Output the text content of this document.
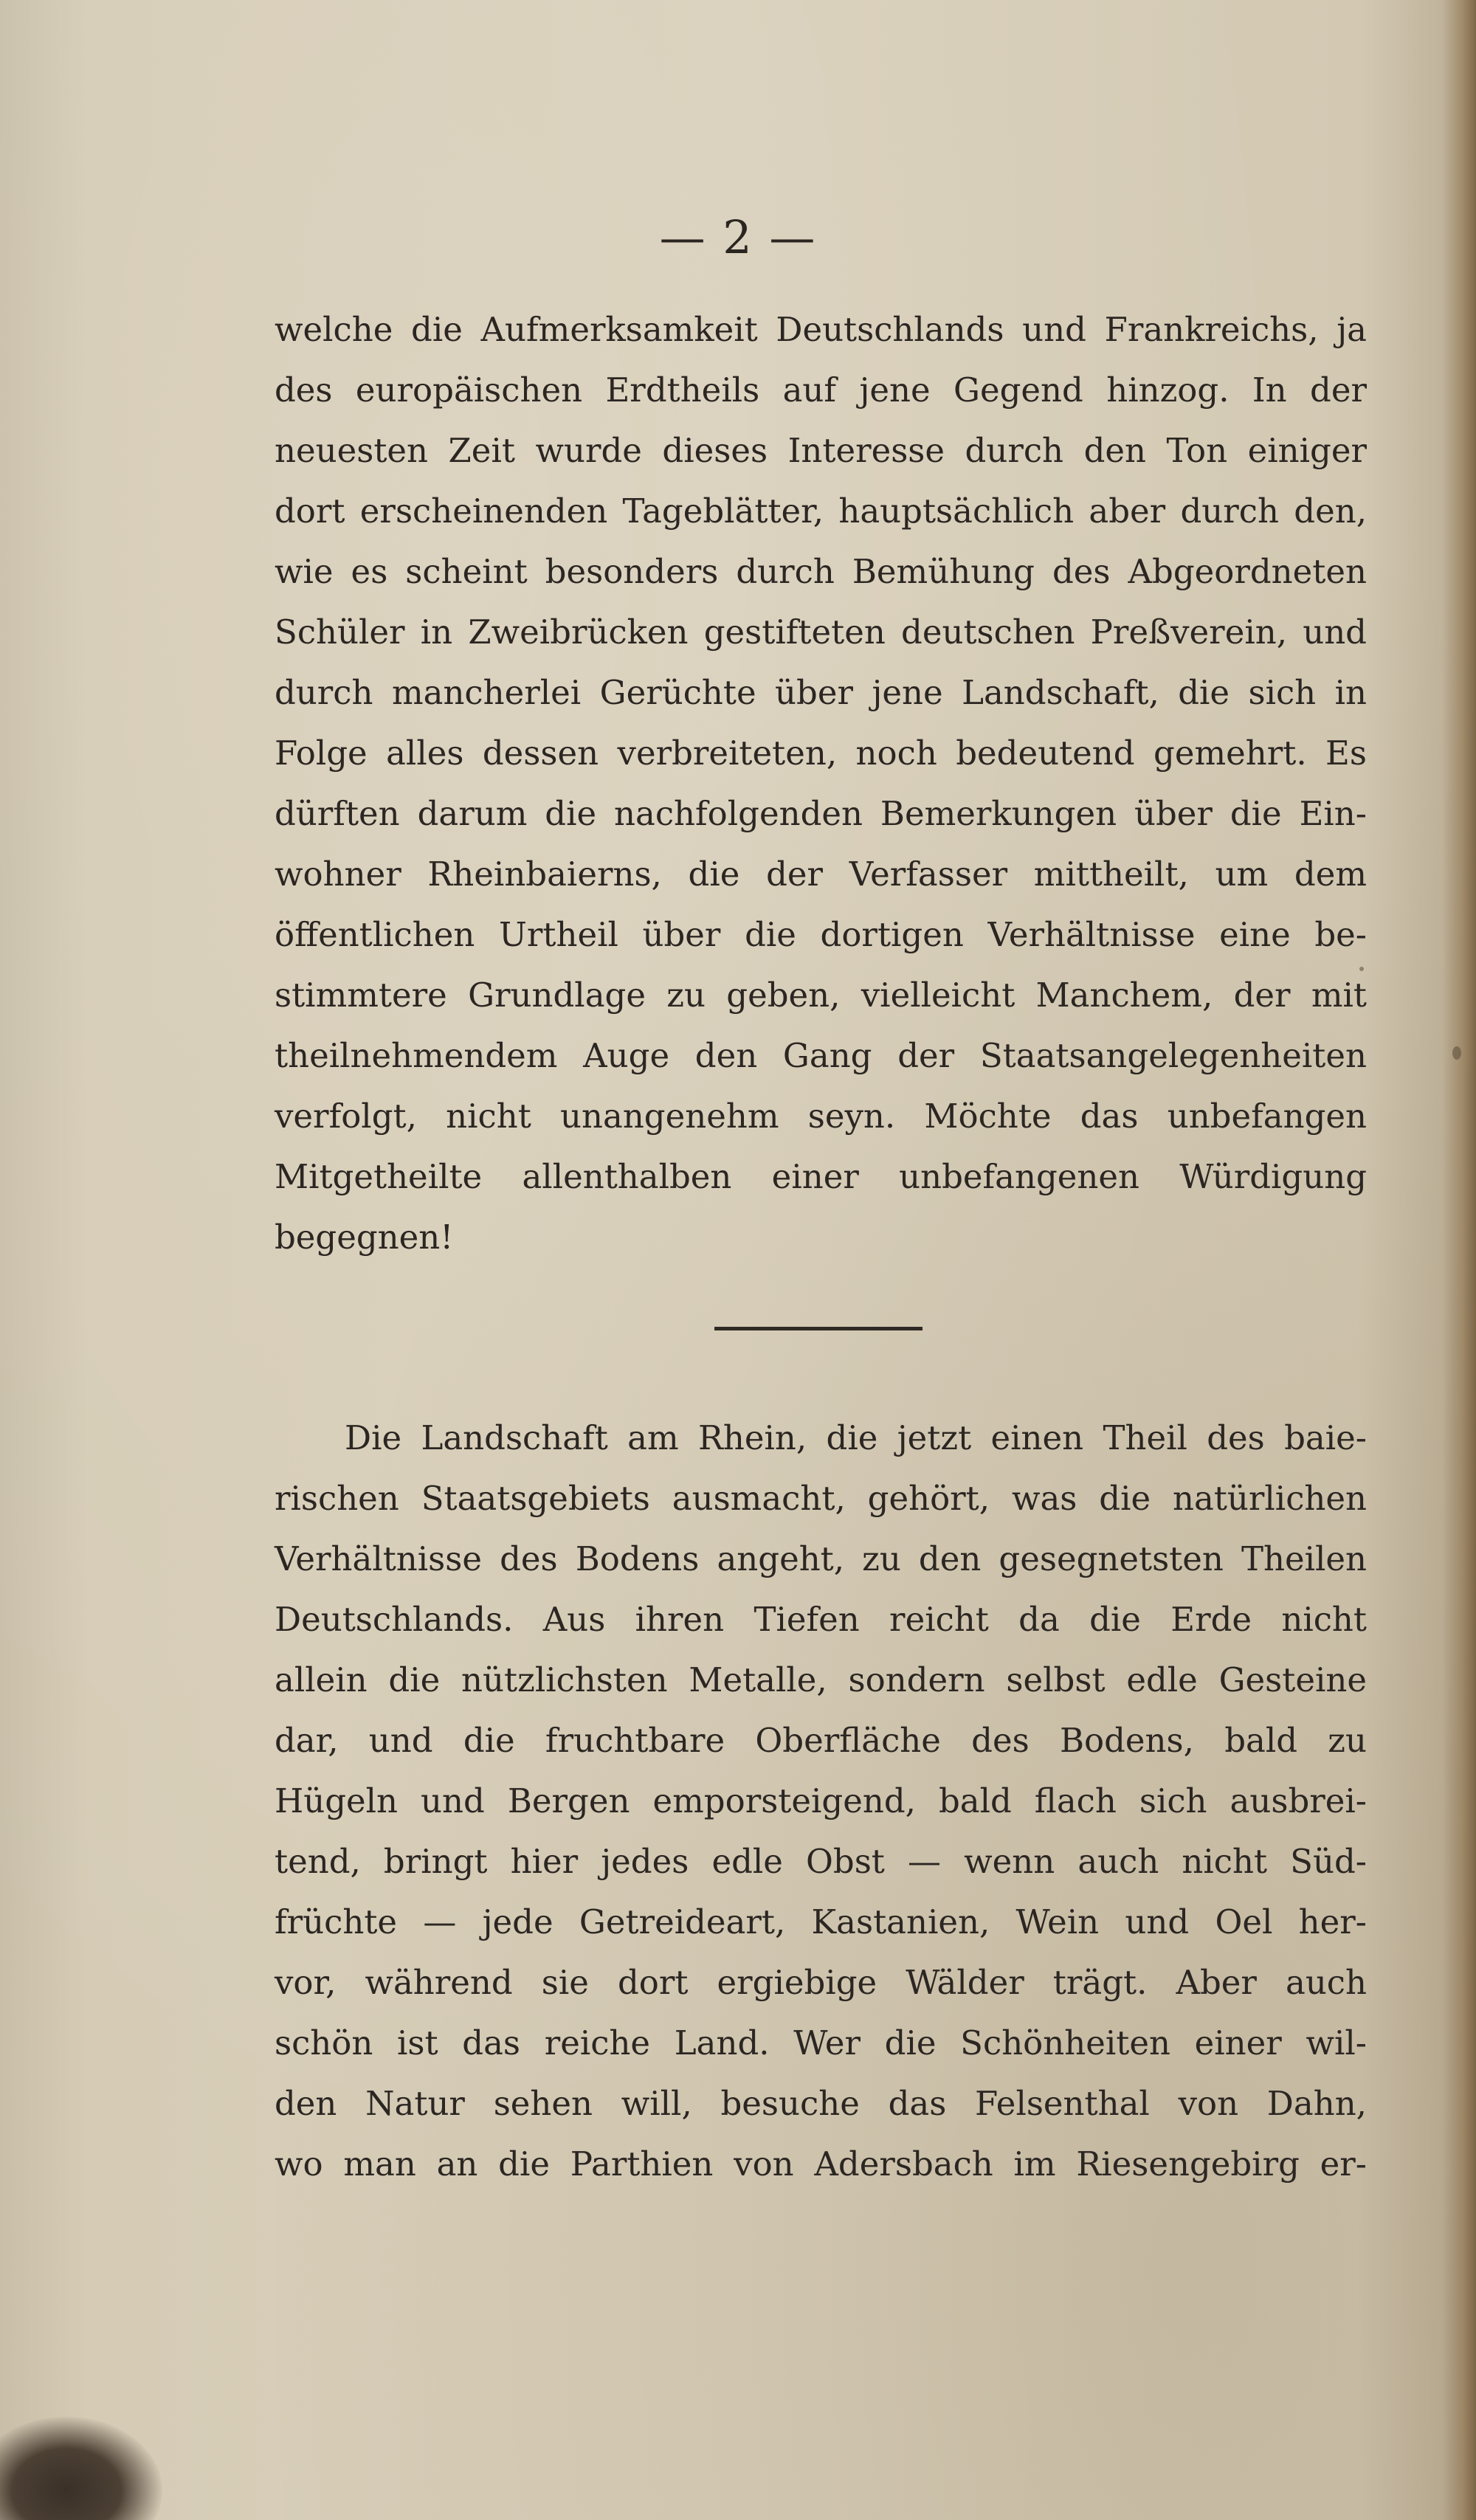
— 2 —
welche die Aufmerksamkeit Deutschlands und Frankreichs, ja
des europäischen Erdtheils auf jene Gegend hinzog. In der
neuesten Zeit wurde dieses Interesse durch den Ton einiger
dort erscheinenden Tageblätter, hauptsächlich aber durch den,
wie es scheint besonders durch Bemühung des Abgeordneten
Schüler in Zweibrücken gestifteten deutschen Preßverein, und
durch mancherlei Gerüchte über jene Landschaft, die sich in
Folge alles dessen verbreiteten, noch bedeutend gemehrt. Es
dürften darum die nachfolgenden Bemerkungen über die Ein-
wohner Rheinbaierns, die der Verfasser mittheilt, um dem
öffentlichen Urtheil über die dortigen Verhältnisse eine be-
stimmtere Grundlage zu geben, vielleicht Manchem, der mit
theilnehmendem Auge den Gang der Staatsangelegenheiten
verfolgt, nicht unangenehm seyn. Möchte das unbefangen
Mitgetheilte allenthalben einer unbefangenen Würdigung
begegnen!
Die Landschaft am Rhein, die jetzt einen Theil des baie-
rischen Staatsgebiets ausmacht, gehört, was die natürlichen
Verhältnisse des Bodens angeht, zu den gesegnetsten Theilen
Deutschlands. Aus ihren Tiefen reicht da die Erde nicht
allein die nützlichsten Metalle, sondern selbst edle Gesteine
dar, und die fruchtbare Oberfläche des Bodens, bald zu
Hügeln und Bergen emporsteigend, bald flach sich ausbrei-
tend, bringt hier jedes edle Obst — wenn auch nicht Süd-
früchte — jede Getreideart, Kastanien, Wein und Oel her-
vor, während sie dort ergiebige Wälder trägt. Aber auch
schön ist das reiche Land. Wer die Schönheiten einer wil-
den Natur sehen will, besuche das Felsenthal von Dahn,
wo man an die Parthien von Adersbach im Riesengebirg er-
